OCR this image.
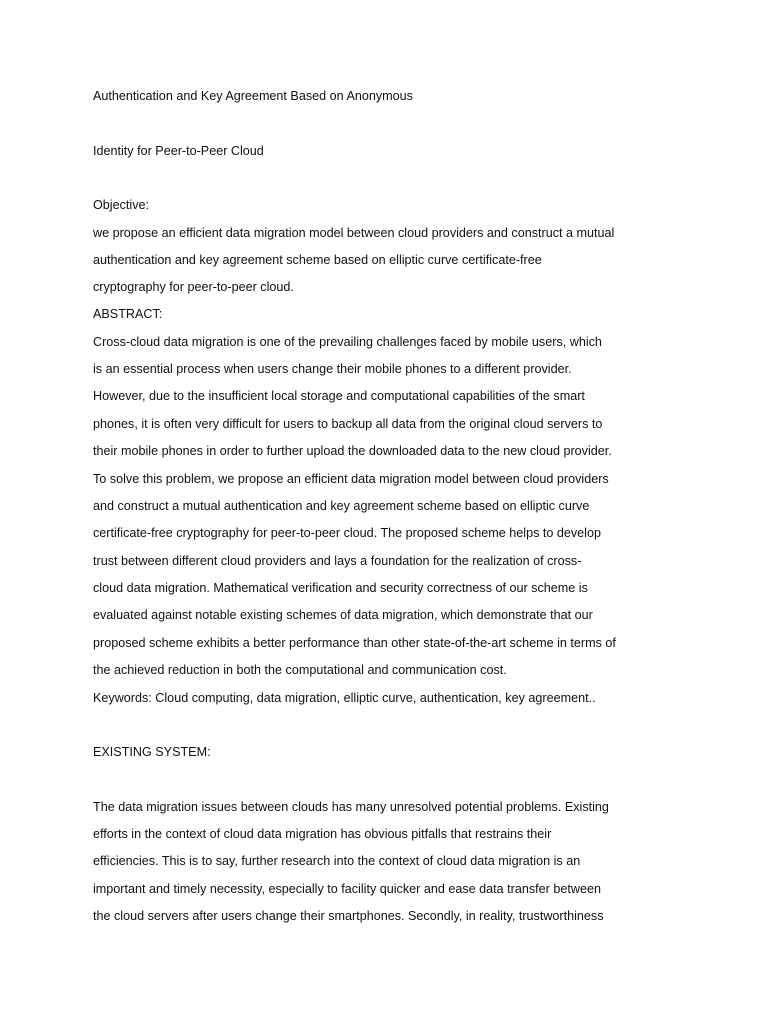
Authentication and Key Agreement Based on Anonymous
Identity for Peer-to-Peer Cloud
Objective:
we propose an efficient data migration model between cloud providers and construct a mutual
authentication and key agreement scheme based on elliptic curve certificate-free
cryptography for peer-to-peer cloud.
ABSTRACT:
Cross-cloud data migration is one of the prevailing challenges faced by mobile users, which
is an essential process when users change their mobile phones to a different provider.
However, due to the insufficient local storage and computational capabilities of the smart
phones, it is often very difficult for users to backup all data from the original cloud servers to
their mobile phones in order to further upload the downloaded data to the new cloud provider.
To solve this problem, we propose an efficient data migration model between cloud providers
and construct a mutual authentication and key agreement scheme based on elliptic curve
certificate-free cryptography for peer-to-peer cloud. The proposed scheme helps to develop
trust between different cloud providers and lays a foundation for the realization of cross-
cloud data migration. Mathematical verification and security correctness of our scheme is
evaluated against notable existing schemes of data migration, which demonstrate that our
proposed scheme exhibits a better performance than other state-of-the-art scheme in terms of
the achieved reduction in both the computational and communication cost.
Keywords: Cloud computing, data migration, elliptic curve, authentication, key agreement..
EXISTING SYSTEM:
The data migration issues between clouds has many unresolved potential problems. Existing
efforts in the context of cloud data migration has obvious pitfalls that restrains their
efficiencies. This is to say, further research into the context of cloud data migration is an
important and timely necessity, especially to facility quicker and ease data transfer between
the cloud servers after users change their smartphones. Secondly, in reality, trustworthiness
